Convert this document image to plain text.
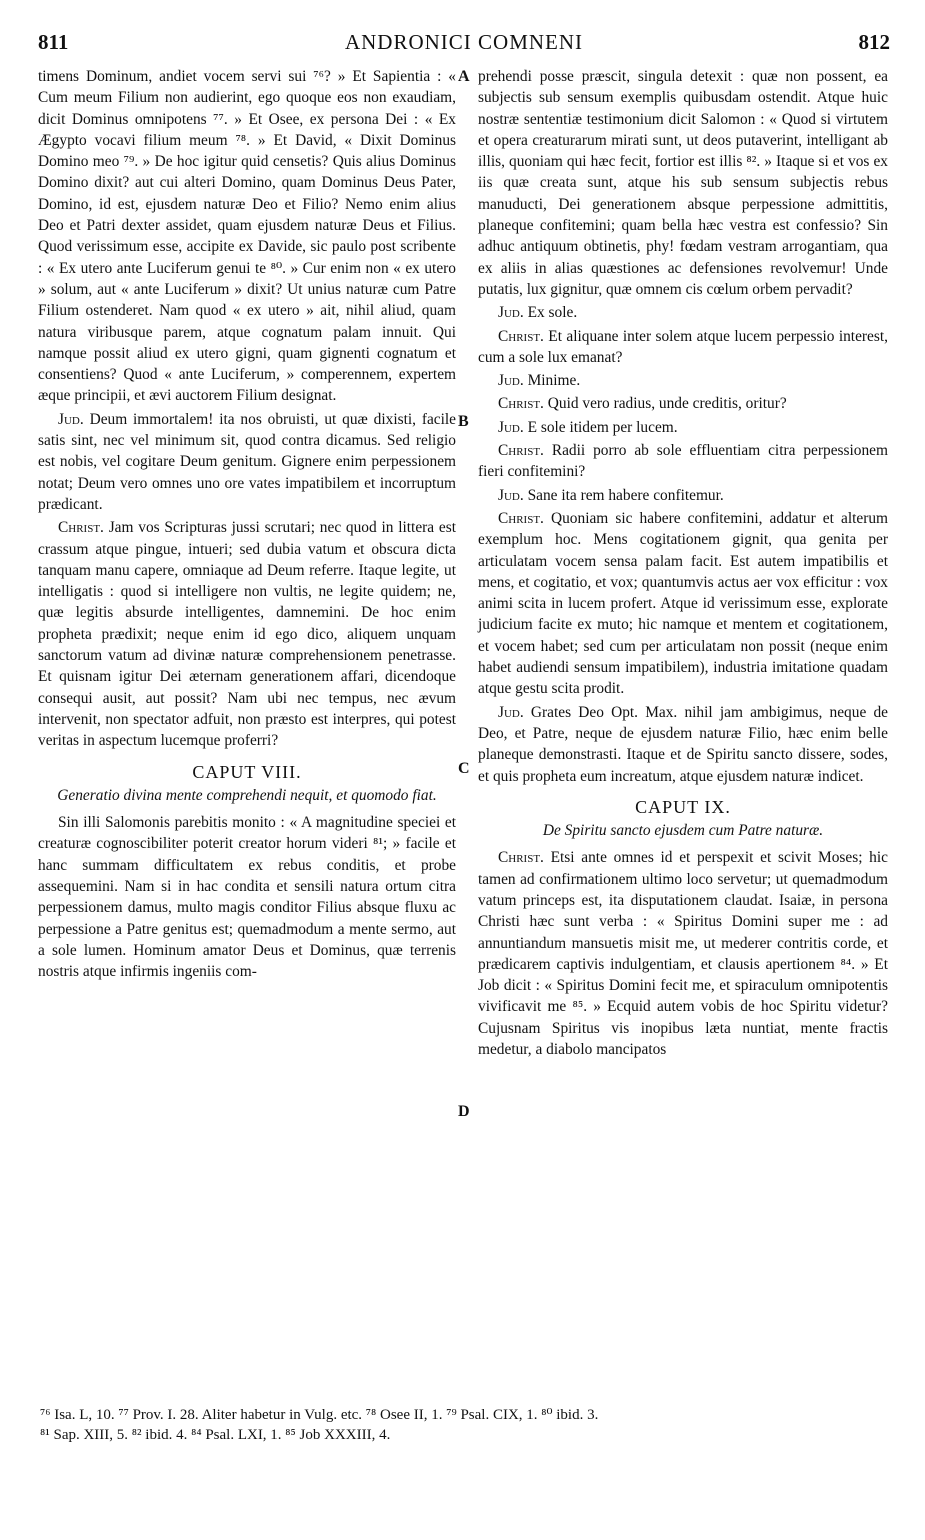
811	ANDRONICI COMNENI	812
A
B
C
D

timens Dominum, andiet vocem servi sui ⁷⁶? » Et Sapientia : « Cum meum Filium non audierint, ego quoque eos non exaudiam, dicit Dominus omnipotens ⁷⁷. » Et Osee, ex persona Dei : « Ex Ægypto vocavi filium meum ⁷⁸. » Et David, « Dixit Dominus Domino meo ⁷⁹. » De hoc igitur quid censetis? Quis alius Dominus Domino dixit? aut cui alteri Domino, quam Dominus Deus Pater, Domino, id est, ejusdem naturæ Deo et Filio? Nemo enim alius Deo et Patri dexter assidet, quam ejusdem naturæ Deus et Filius. Quod verissimum esse, accipite ex Davide, sic paulo post scribente : « Ex utero ante Luciferum genui te ⁸⁰. » Cur enim non « ex utero » solum, aut « ante Luciferum » dixit? Ut unius naturæ cum Patre Filium ostenderet. Nam quod « ex utero » ait, nihil aliud, quam natura viribusque parem, atque cognatum palam innuit. Qui namque possit aliud ex utero gigni, quam gignenti cognatum et consentiens? Quod « ante Luciferum, » comperennem, expertem æque principii, et ævi auctorem Filium designat.

Jud. Deum immortalem! ita nos obruisti, ut quæ dixisti, facile satis sint, nec vel minimum sit, quod contra dicamus. Sed religio est nobis, vel cogitare Deum genitum. Gignere enim perpessionem notat; Deum vero omnes uno ore vates impatibilem et incorruptum prædicant.

Christ. Jam vos Scripturas jussi scrutari; nec quod in littera est crassum atque pingue, intueri; sed dubia vatum et obscura dicta tanquam manu capere, omniaque ad Deum referre. Itaque legite, ut intelligatis : quod si intelligere non vultis, ne legite quidem; ne, quæ legitis absurde intelligentes, damnemini. De hoc enim propheta prædixit; neque enim id ego dico, aliquem unquam sanctorum vatum ad divinæ naturæ comprehensionem penetrasse. Et quisnam igitur Dei æternam generationem affari, dicendoque consequi ausit, aut possit? Nam ubi nec tempus, nec ævum intervenit, non spectator adfuit, non præsto est interpres, qui potest veritas in aspectum lucemque proferri?

CAPUT VIII.
Generatio divina mente comprehendi nequit, et quomodo fiat.

Sin illi Salomonis parebitis monito : « A magnitudine speciei et creaturæ cognoscibiliter poterit creator horum videri ⁸¹; » facile et hanc summam difficultatem ex rebus conditis, et probe assequemini. Nam si in hac condita et sensili natura ortum citra perpessionem damus, multo magis conditor Filius absque fluxu ac perpessione a Patre genitus est; quemadmodum a mente sermo, aut a sole lumen. Hominum amator Deus et Dominus, quæ terrenis nostris atque infirmis ingeniis com-

prehendi posse præscit, singula detexit : quæ non possent, ea subjectis sub sensum exemplis quibusdam ostendit. Atque huic nostræ sententiæ testimonium dicit Salomon : « Quod si virtutem et opera creaturarum mirati sunt, ut deos putaverint, intelligant ab illis, quoniam qui hæc fecit, fortior est illis ⁸². » Itaque si et vos ex iis quæ creata sunt, atque his sub sensum subjectis rebus manuducti, Dei generationem absque perpessione admittitis, planeque confitemini; quam bella hæc vestra est confessio? Sin adhuc antiquum obtinetis, phy! fœdam vestram arrogantiam, qua ex aliis in alias quæstiones ac defensiones revolvemur! Unde putatis, lux gignitur, quæ omnem cis cœlum orbem pervadit?

Jud. Ex sole.

Christ. Et aliquane inter solem atque lucem perpessio interest, cum a sole lux emanat?

Jud. Minime.

Christ. Quid vero radius, unde creditis, oritur?

Jud. E sole itidem per lucem.

Christ. Radii porro ab sole effluentiam citra perpessionem fieri confitemini?

Jud. Sane ita rem habere confitemur.

Christ. Quoniam sic habere confitemini, addatur et alterum exemplum hoc. Mens cogitationem gignit, qua genita per articulatam vocem sensa palam facit. Est autem impatibilis et mens, et cogitatio, et vox; quantumvis actus aer vox efficitur : vox animi scita in lucem profert. Atque id verissimum esse, explorate judicium facite ex muto; hic namque et mentem et cogitationem, et vocem habet; sed cum per articulatam non possit (neque enim habet audiendi sensum impatibilem), industria imitatione quadam atque gestu scita prodit.

Jud. Grates Deo Opt. Max. nihil jam ambigimus, neque de Deo, et Patre, neque de ejusdem naturæ Filio, hæc enim belle planeque demonstrasti. Itaque et de Spiritu sancto dissere, sodes, et quis propheta eum increatum, atque ejusdem naturæ indicet.

CAPUT IX.
De Spiritu sancto ejusdem cum Patre naturæ.

Christ. Etsi ante omnes id et perspexit et scivit Moses; hic tamen ad confirmationem ultimo loco servetur; ut quemadmodum vatum princeps est, ita disputationem claudat. Isaiæ, in persona Christi hæc sunt verba : « Spiritus Domini super me : ad annuntiandum mansuetis misit me, ut mederer contritis corde, et prædicarem captivis indulgentiam, et clausis apertionem ⁸⁴. » Et Job dicit : « Spiritus Domini fecit me, et spiraculum omnipotentis vivificavit me ⁸⁵. » Ecquid autem vobis de hoc Spiritu videtur? Cujusnam Spiritus vis inopibus læta nuntiat, mente fractis medetur, a diabolo mancipatos

⁷⁶ Isa. L, 10. ⁷⁷ Prov. I. 28. Aliter habetur in Vulg. etc. ⁷⁸ Osee II, 1. ⁷⁹ Psal. CIX, 1. ⁸⁰ ibid. 3.
⁸¹ Sap. XIII, 5. ⁸² ibid. 4. ⁸⁴ Psal. LXI, 1. ⁸⁵ Job XXXIII, 4.
